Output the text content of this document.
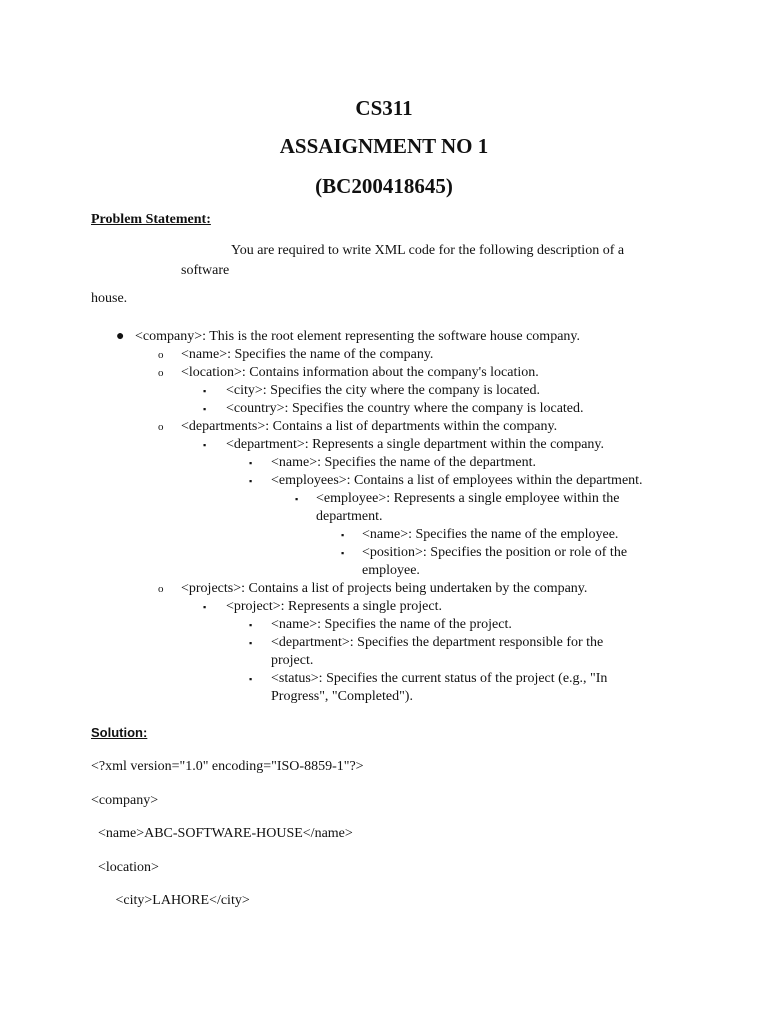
CS311
ASSAIGNMENT NO 1
(BC200418645)
Problem Statement:
You are required to write XML code for the following description of a
software
house.
● <company>: This is the root element representing the software house company.
o <name>: Specifies the name of the company.
o <location>: Contains information about the company's location.
▪ <city>: Specifies the city where the company is located.
▪ <country>: Specifies the country where the company is located.
o <departments>: Contains a list of departments within the company.
▪ <department>: Represents a single department within the company.
▪ <name>: Specifies the name of the department.
▪ <employees>: Contains a list of employees within the department.
▪ <employee>: Represents a single employee within the
department.
▪ <name>: Specifies the name of the employee.
▪ <position>: Specifies the position or role of the
employee.
o <projects>: Contains a list of projects being undertaken by the company.
▪ <project>: Represents a single project.
▪ <name>: Specifies the name of the project.
▪ <department>: Specifies the department responsible for the
project.
▪ <status>: Specifies the current status of the project (e.g., "In
Progress", "Completed").
Solution:
<?xml version="1.0" encoding="ISO-8859-1"?>
<company>
<name>ABC-SOFTWARE-HOUSE</name>
<location>
<city>LAHORE</city>
